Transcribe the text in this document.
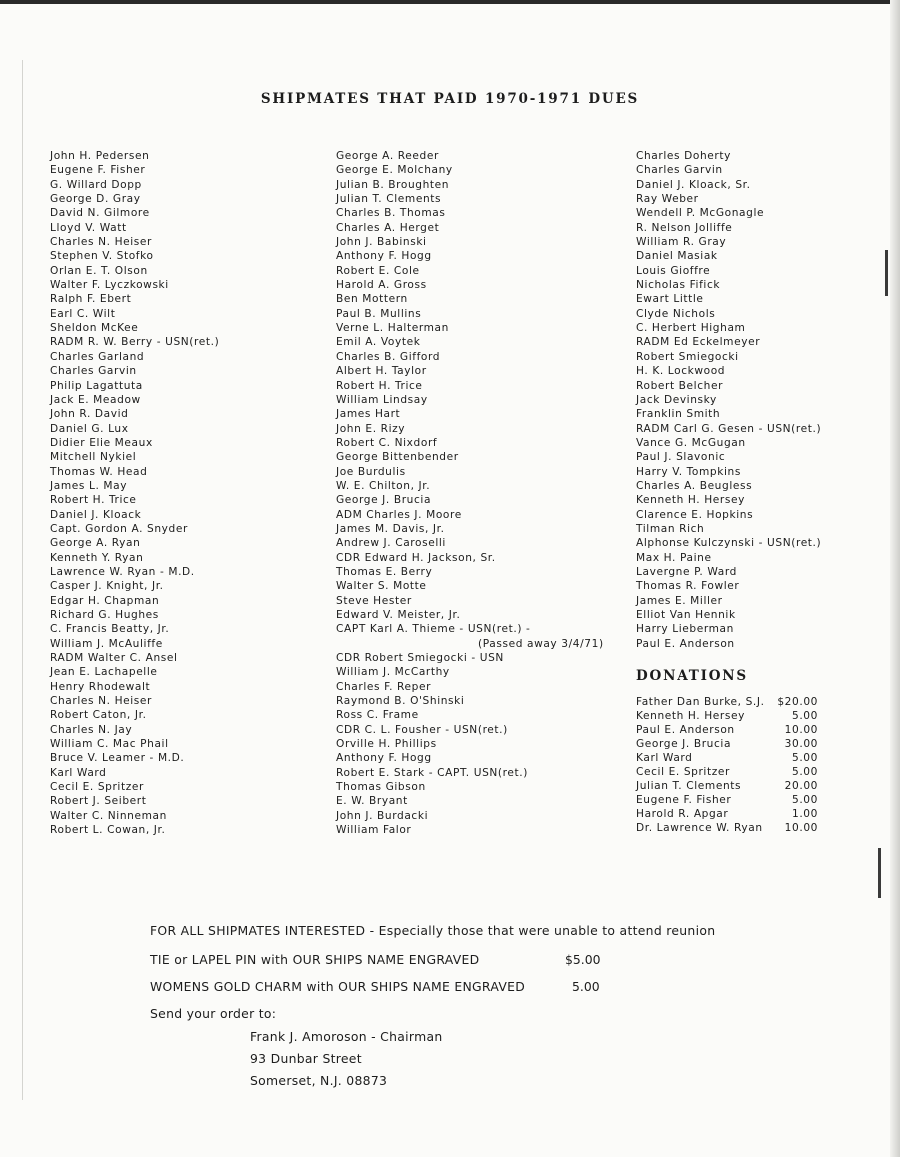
SHIPMATES THAT PAID 1970-1971 DUES
John H. Pedersen
Eugene F. Fisher
G. Willard Dopp
George D. Gray
David N. Gilmore
Lloyd V. Watt
Charles N. Heiser
Stephen V. Stofko
Orlan E. T. Olson
Walter F. Lyczkowski
Ralph F. Ebert
Earl C. Wilt
Sheldon McKee
RADM R. W. Berry - USN(ret.)
Charles Garland
Charles Garvin
Philip Lagattuta
Jack E. Meadow
John R. David
Daniel G. Lux
Didier Elie Meaux
Mitchell Nykiel
Thomas W. Head
James L. May
Robert H. Trice
Daniel J. Kloack
Capt. Gordon A. Snyder
George A. Ryan
Kenneth Y. Ryan
Lawrence W. Ryan - M.D.
Casper J. Knight, Jr.
Edgar H. Chapman
Richard G. Hughes
C. Francis Beatty, Jr.
William J. McAuliffe
RADM Walter C. Ansel
Jean E. Lachapelle
Henry Rhodewalt
Charles N. Heiser
Robert Caton, Jr.
Charles N. Jay
William C. Mac Phail
Bruce V. Leamer - M.D.
Karl Ward
Cecil E. Spritzer
Robert J. Seibert
Walter C. Ninneman
Robert L. Cowan, Jr.
George A. Reeder
George E. Molchany
Julian B. Broughten
Julian T. Clements
Charles B. Thomas
Charles A. Herget
John J. Babinski
Anthony F. Hogg
Robert E. Cole
Harold A. Gross
Ben Mottern
Paul B. Mullins
Verne L. Halterman
Emil A. Voytek
Charles B. Gifford
Albert H. Taylor
Robert H. Trice
William Lindsay
James Hart
John E. Rizy
Robert C. Nixdorf
George Bittenbender
Joe Burdulis
W. E. Chilton, Jr.
George J. Brucia
ADM Charles J. Moore
James M. Davis, Jr.
Andrew J. Caroselli
CDR Edward H. Jackson, Sr.
Thomas E. Berry
Walter S. Motte
Steve Hester
Edward V. Meister, Jr.
CAPT Karl A. Thieme - USN(ret.) -
(Passed away 3/4/71)
CDR Robert Smiegocki - USN
William J. McCarthy
Charles F. Reper
Raymond B. O'Shinski
Ross C. Frame
CDR C. L. Fousher - USN(ret.)
Orville H. Phillips
Anthony F. Hogg
Robert E. Stark - CAPT. USN(ret.)
Thomas Gibson
E. W. Bryant
John J. Burdacki
William Falor
Charles Doherty
Charles Garvin
Daniel J. Kloack, Sr.
Ray Weber
Wendell P. McGonagle
R. Nelson Jolliffe
William R. Gray
Daniel Masiak
Louis Gioffre
Nicholas Fifick
Ewart Little
Clyde Nichols
C. Herbert Higham
RADM Ed Eckelmeyer
Robert Smiegocki
H. K. Lockwood
Robert Belcher
Jack Devinsky
Franklin Smith
RADM Carl G. Gesen - USN(ret.)
Vance G. McGugan
Paul J. Slavonic
Harry V. Tompkins
Charles A. Beugless
Kenneth H. Hersey
Clarence E. Hopkins
Tilman Rich
Alphonse Kulczynski - USN(ret.)
Max H. Paine
Lavergne P. Ward
Thomas R. Fowler
James E. Miller
Elliot Van Hennik
Harry Lieberman
Paul E. Anderson
DONATIONS
Father Dan Burke, S.J. $20.00
Kenneth H. Hersey	5.00
Paul E. Anderson	10.00
George J. Brucia	30.00
Karl Ward	5.00
Cecil E. Spritzer	5.00
Julian T. Clements	20.00
Eugene F. Fisher	5.00
Harold R. Apgar	1.00
Dr. Lawrence W. Ryan 10.00

FOR ALL SHIPMATES INTERESTED - Especially those that were unable to attend reunion

TIE or LAPEL PIN with OUR SHIPS NAME ENGRAVED	$5.00

WOMENS GOLD CHARM with OUR SHIPS NAME ENGRAVED	5.00

Send your order to:

Frank J. Amoroson - Chairman

93 Dunbar Street

Somerset, N.J. 08873
